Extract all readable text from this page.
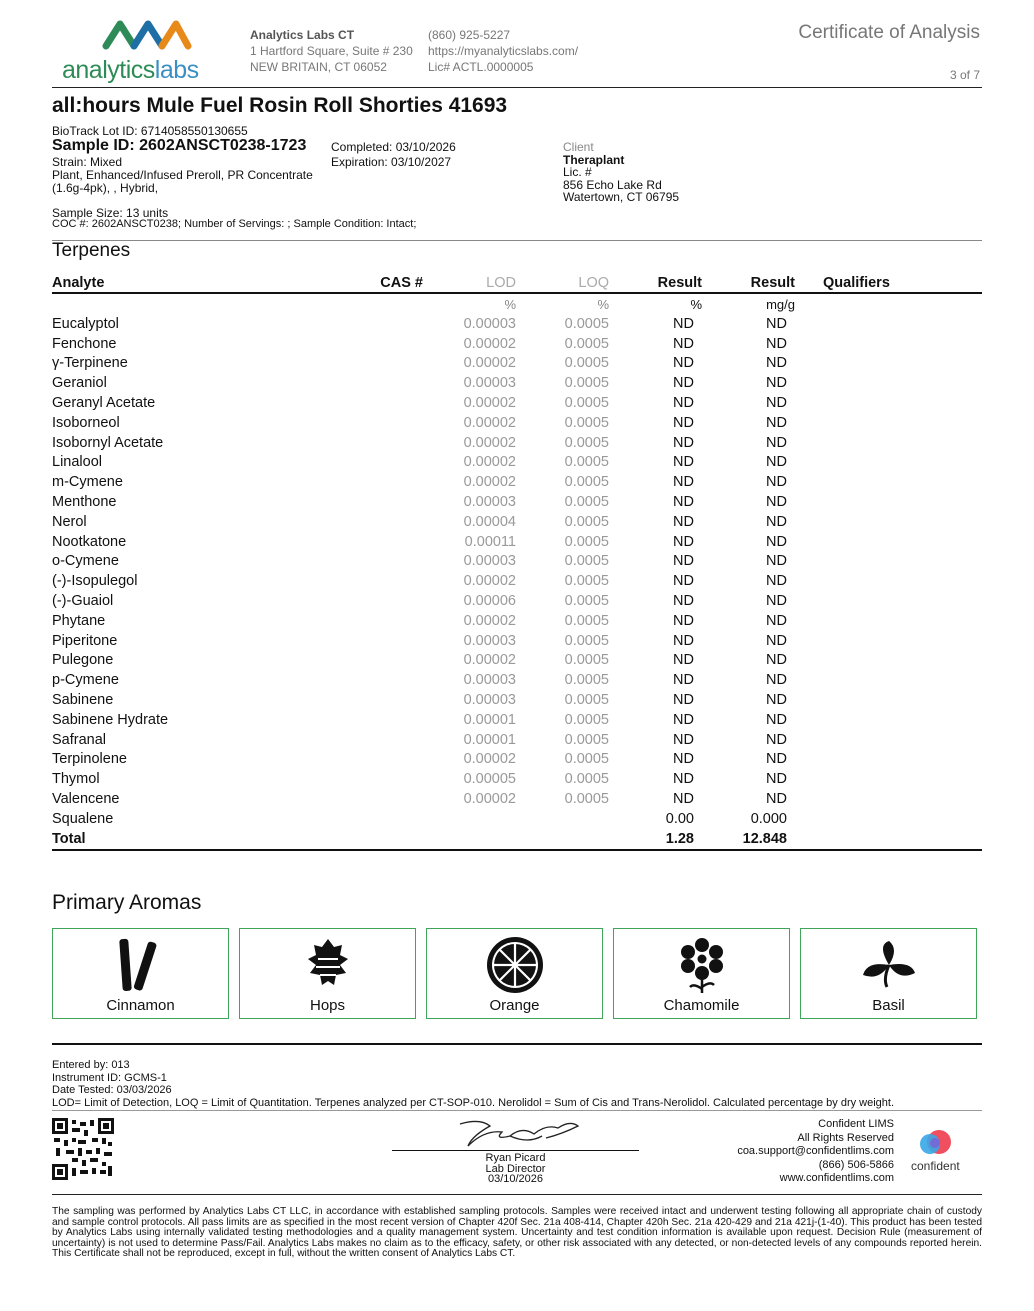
analyticslabs
Analytics Labs CT
1 Hartford Square, Suite # 230
NEW BRITAIN, CT 06052
(860) 925-5227
https://myanalyticslabs.com/
Lic# ACTL.0000005
Certificate of Analysis
3 of 7
all:hours Mule Fuel Rosin Roll Shorties 41693
BioTrack Lot ID: 6714058550130655
Sample ID: 2602ANSCT0238-1723
Strain: Mixed
Plant, Enhanced/Infused Preroll, PR Concentrate
(1.6g-4pk), , Hybrid,
Completed: 03/10/2026
Expiration: 03/10/2027
Client
Theraplant
Lic. #
856 Echo Lake Rd
Watertown, CT 06795
Sample Size: 13 units
COC #: 2602ANSCT0238; Number of Servings: ; Sample Condition: Intact;
Terpenes
Analyte	CAS #	LOD	LOQ	Result	Result	Qualifiers
		%	%	%	mg/g	
Eucalyptol		0.00003	0.0005	ND	ND	
Fenchone		0.00002	0.0005	ND	ND	
γ-Terpinene		0.00002	0.0005	ND	ND	
Geraniol		0.00003	0.0005	ND	ND	
Geranyl Acetate		0.00002	0.0005	ND	ND	
Isoborneol		0.00002	0.0005	ND	ND	
Isobornyl Acetate		0.00002	0.0005	ND	ND	
Linalool		0.00002	0.0005	ND	ND	
m-Cymene		0.00002	0.0005	ND	ND	
Menthone		0.00003	0.0005	ND	ND	
Nerol		0.00004	0.0005	ND	ND	
Nootkatone		0.00011	0.0005	ND	ND	
o-Cymene		0.00003	0.0005	ND	ND	
(-)-Isopulegol		0.00002	0.0005	ND	ND	
(-)-Guaiol		0.00006	0.0005	ND	ND	
Phytane		0.00002	0.0005	ND	ND	
Piperitone		0.00003	0.0005	ND	ND	
Pulegone		0.00002	0.0005	ND	ND	
p-Cymene		0.00003	0.0005	ND	ND	
Sabinene		0.00003	0.0005	ND	ND	
Sabinene Hydrate		0.00001	0.0005	ND	ND	
Safranal		0.00001	0.0005	ND	ND	
Terpinolene		0.00002	0.0005	ND	ND	
Thymol		0.00005	0.0005	ND	ND	
Valencene		0.00002	0.0005	ND	ND	
Squalene				0.00	0.000	
Total				1.28	12.848	
Primary Aromas
Cinnamon	Hops	Orange	Chamomile	Basil
Entered by: 013
Instrument ID: GCMS-1
Date Tested: 03/03/2026
LOD= Limit of Detection, LOQ = Limit of Quantitation. Terpenes analyzed per CT-SOP-010. Nerolidol = Sum of Cis and Trans-Nerolidol. Calculated percentage by dry weight.
Ryan Picard
Lab Director
03/10/2026
Confident LIMS
All Rights Reserved
coa.support@confidentlims.com
(866) 506-5866
www.confidentlims.com
confident
The sampling was performed by Analytics Labs CT LLC, in accordance with established sampling protocols. Samples were received intact and underwent testing following all appropriate chain of custody and sample control protocols. All pass limits are as specified in the most recent version of Chapter 420f Sec. 21a 408-414, Chapter 420h Sec. 21a 420-429 and 21a 421j-(1-40). This product has been tested by Analytics Labs using internally validated testing methodologies and a quality management system. Uncertainty and test condition information is available upon request. Decision Rule (measurement of uncertainty) is not used to determine Pass/Fail. Analytics Labs makes no claim as to the efficacy, safety, or other risk associated with any detected, or non-detected levels of any compounds reported herein. This Certificate shall not be reproduced, except in full, without the written consent of Analytics Labs CT.
